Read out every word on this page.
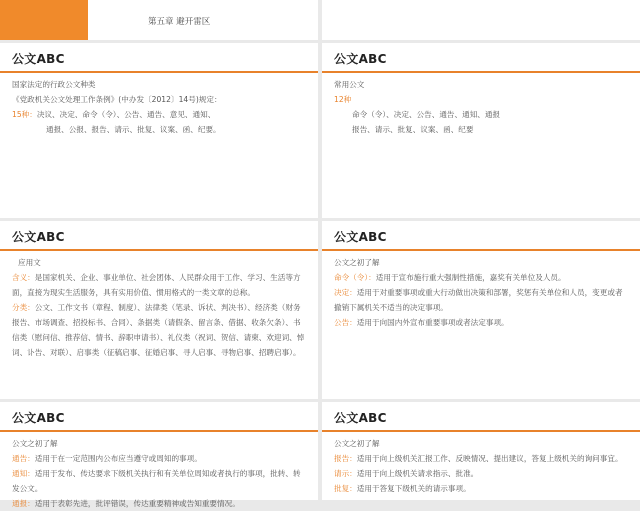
第五章 避开雷区
公文ABC

国家法定的行政公文种类

《党政机关公文处理工作条例》(中办发〔2012〕14号)规定：

15种：决议、决定、命令（令）、公告、通告、意见、通知、

通报、公报、报告、请示、批复、议案、函、纪要。

公文ABC

常用公文

12种

命令（令）、决定、公告、通告、通知、通报

报告、请示、批复、议案、函、纪要

公文ABC

应用文

含义：是国家机关、企业、事业单位、社会团体、人民群众用于工作、学习、生活等方面，直接为现实生活服务，具有实用价值、惯用格式的一类文章的总称。

分类：公文、工作文书（章程、制度）、法律类（笔录、诉状、判决书）、经济类（财务报告、市场调查、招投标书、合同）、条据类（请假条、留言条、借据、收条欠条）、书信类（慰问信、推荐信、情书、辞职申请书）、礼仪类（祝词、贺信、请柬、欢迎词、悼词、讣告、对联）、启事类（征稿启事、征婚启事、寻人启事、寻物启事、招聘启事）。

公文ABC

公文之初了解

命令（令）：适用于宣布施行重大强制性措施，嘉奖有关单位及人员。

决定：适用于对重要事项或重大行动做出决策和部署，奖惩有关单位和人员，变更或者撤销下属机关不适当的决定事项。

公告：适用于向国内外宣布重要事项或者法定事项。

公文ABC

公文之初了解

通告：适用于在一定范围内公布应当遵守或周知的事项。

通知：适用于发布、传达要求下级机关执行和有关单位周知或者执行的事项，批转、转发公文。

通报：适用于表彰先进，批评错误，传达重要精神或告知重要情况。

公文ABC

公文之初了解

报告：适用于向上级机关汇报工作、反映情况、提出建议，答复上级机关的询问事宜。

请示：适用于向上级机关请求指示、批准。

批复：适用于答复下级机关的请示事项。
